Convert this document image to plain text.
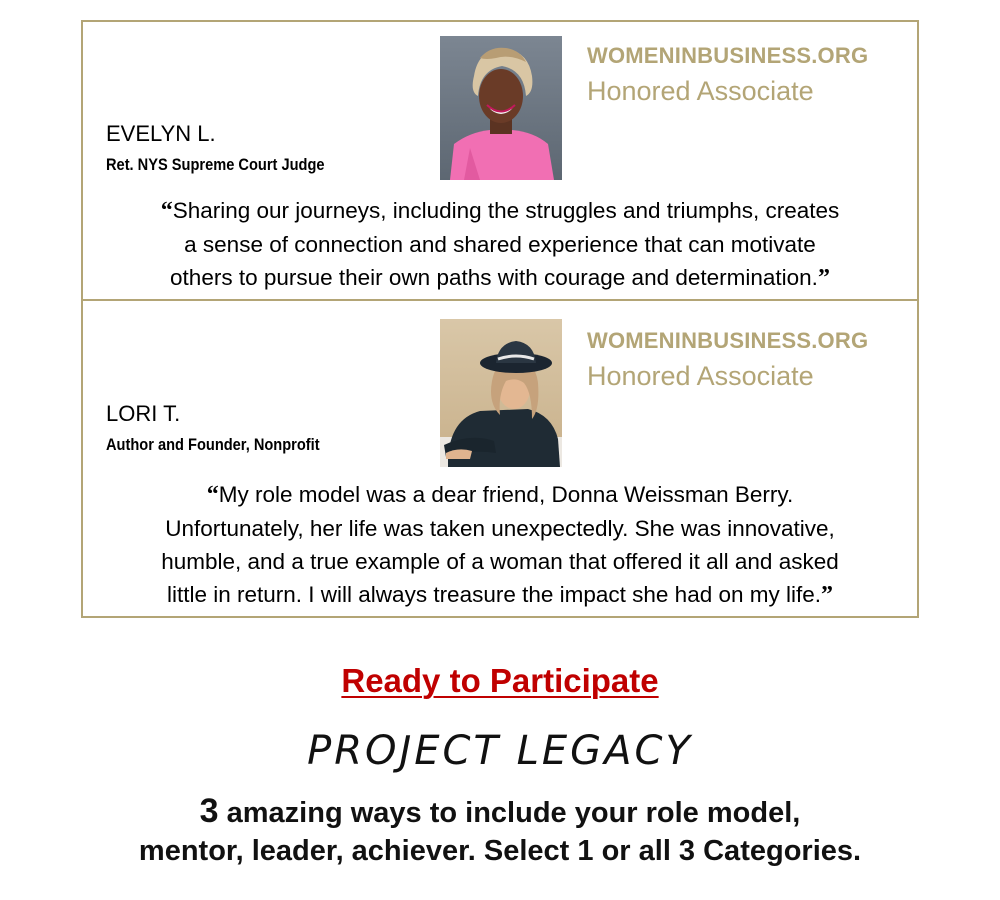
WOMENINBUSINESS.ORG
Honored Associate
EVELYN L.
Ret. NYS Supreme Court Judge
“Sharing our journeys, including the struggles and triumphs, creates
a sense of connection and shared experience that can motivate
others to pursue their own paths with courage and determination.”
WOMENINBUSINESS.ORG
Honored Associate
LORI T.
Author and Founder, Nonprofit
“My role model was a dear friend, Donna Weissman Berry.
Unfortunately, her life was taken unexpectedly. She was innovative,
humble, and a true example of a woman that offered it all and asked
little in return. I will always treasure the impact she had on my life.”
Ready to Participate
PROJECT LEGACY
3 amazing ways to include your role model,
mentor, leader, achiever. Select 1 or all 3 Categories.
